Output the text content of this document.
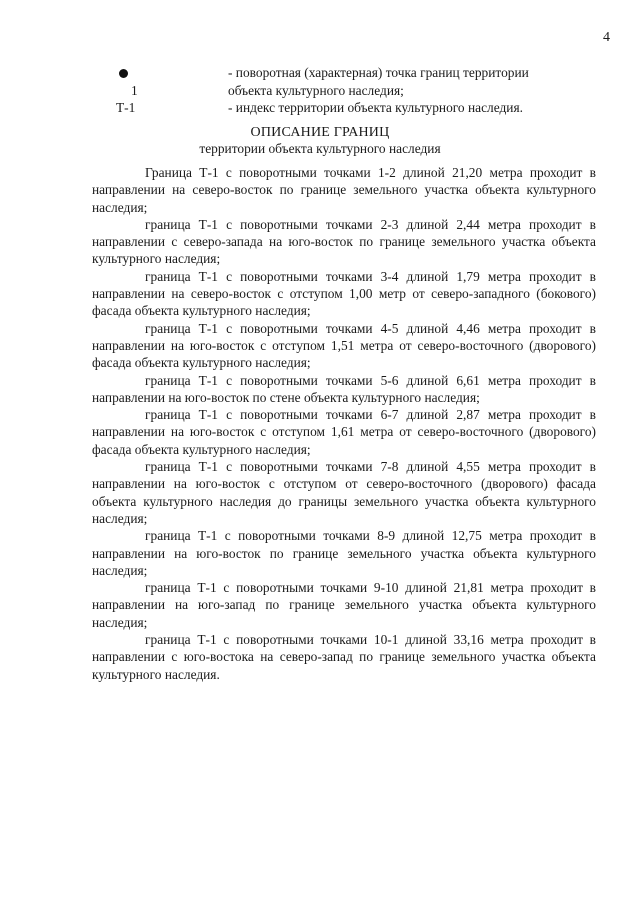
4
- поворотная (характерная) точка границ территории
1	объекта культурного наследия;
Т-1	- индекс территории объекта культурного наследия.
ОПИСАНИЕ ГРАНИЦ
территории объекта культурного наследия

Граница Т-1 с поворотными точками 1-2 длиной 21,20 метра проходит в направлении на северо-восток по границе земельного участка объекта культурного наследия;

граница Т-1 с поворотными точками 2-3 длиной 2,44 метра проходит в направлении с северо-запада на юго-восток по границе земельного участка объекта культурного наследия;

граница Т-1 с поворотными точками 3-4 длиной 1,79 метра проходит в направлении на северо-восток с отступом 1,00 метр от северо-западного (бокового) фасада объекта культурного наследия;

граница Т-1 с поворотными точками 4-5 длиной 4,46 метра проходит в направлении на юго-восток с отступом 1,51 метра от северо-восточного (дворового) фасада объекта культурного наследия;

граница Т-1 с поворотными точками 5-6 длиной 6,61 метра проходит в направлении на юго-восток по стене объекта культурного наследия;

граница Т-1 с поворотными точками 6-7 длиной 2,87 метра проходит в направлении на юго-восток с отступом 1,61 метра от северо-восточного (дворового) фасада объекта культурного наследия;

граница Т-1 с поворотными точками 7-8 длиной 4,55 метра проходит в направлении на юго-восток с отступом от северо-восточного (дворового) фасада объекта культурного наследия до границы земельного участка объекта культурного наследия;

граница Т-1 с поворотными точками 8-9 длиной 12,75 метра проходит в направлении на юго-восток по границе земельного участка объекта культурного наследия;

граница Т-1 с поворотными точками 9-10 длиной 21,81 метра проходит в направлении на юго-запад по границе земельного участка объекта культурного наследия;

граница Т-1 с поворотными точками 10-1 длиной 33,16 метра проходит в направлении с юго-востока на северо-запад по границе земельного участка объекта культурного наследия.
